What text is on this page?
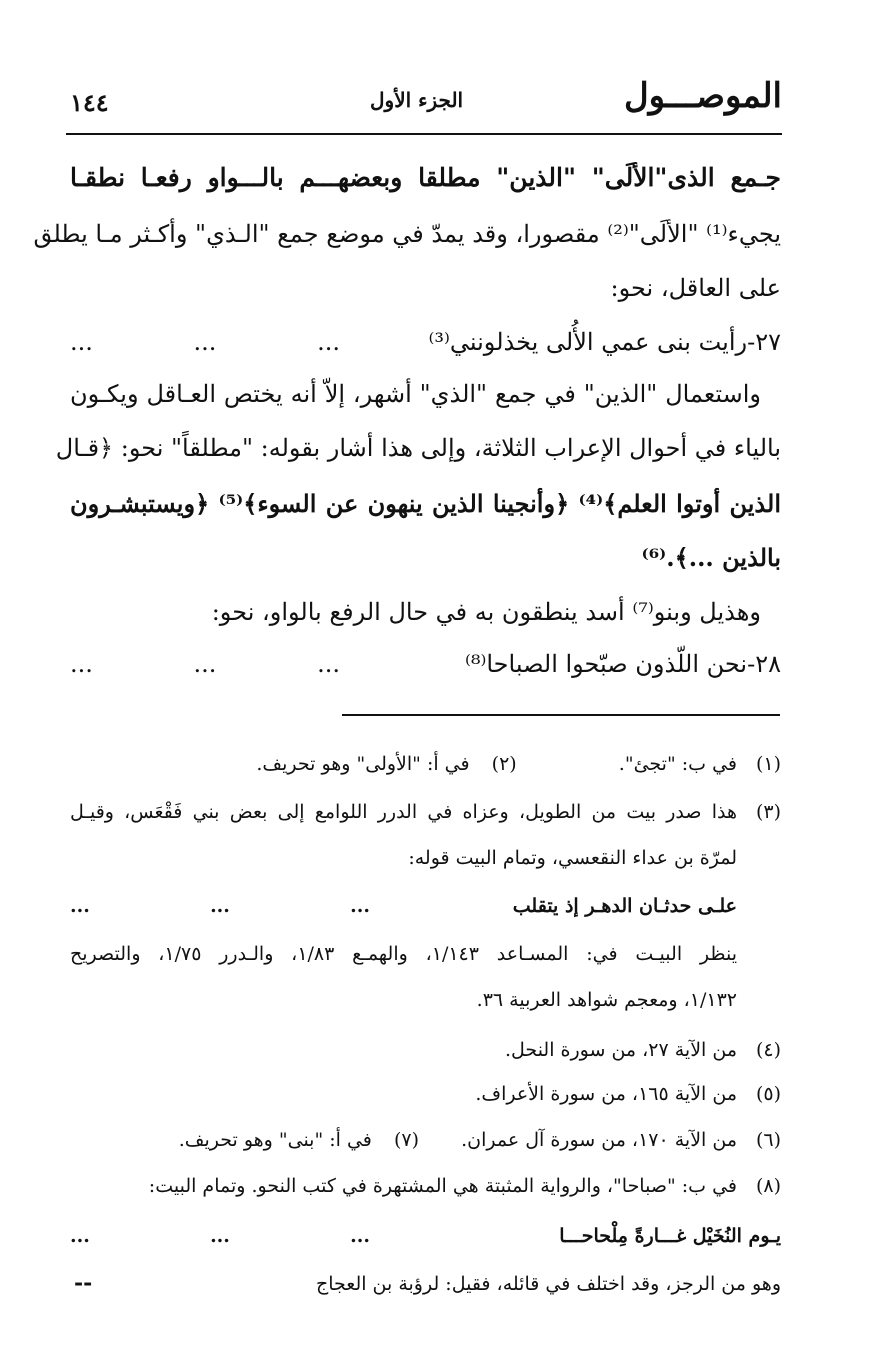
الموصـــول
الجزء الأول
١٤٤
جـمع الذى"الألَى" "الذين" مطلقا وبعضهـــم بالـــواو رفعـا نطقـا
يجيء⁽¹⁾ "الألَى"⁽²⁾ مقصورا، وقد يمدّ في موضع جمع "الـذي" وأكـثر مـا يطلق
على العاقل، نحو:
٢٧-رأيت بنى عمي الأُلى يخذلونني⁽³⁾
...	...	...
واستعمال "الذين" في جمع "الذي" أشهر، إلاّ أنه يختص العـاقل ويكـون
بالياء في أحوال الإعراب الثلاثة، وإلى هذا أشار بقوله: "مطلقاً" نحو: ﴿قـال
الذين أوتوا العلم﴾⁽⁴⁾ ﴿وأنجينا الذين ينهون عن السوء﴾⁽⁵⁾ ﴿ويستبشـرون
بالذين ...﴾.⁽⁶⁾
وهذيل وبنو⁽⁷⁾ أسد ينطقون به في حال الرفع بالواو، نحو:
٢٨-نحن اللّذون صبّحوا الصباحا⁽⁸⁾
...	...	...
(١)في ب: "تجئ".  (٢) في أ: "الأولى" وهو تحريف.
(٣)هذا صدر بيت من الطويل، وعزاه في الدرر اللوامع إلى بعض بني فَقْعَس، وقيـل
لمرّة بن عداء النقعسي، وتمام البيت قوله:
علـى حدثـان الدهـر إذ يتقلب
...	...	...
ينظر البيـت في: المسـاعد ١/١٤٣، والهمـع ١/٨٣، والـدرر ١/٧٥، والتصريح
١/١٣٢، ومعجم شواهد العربية ٣٦.
(٤)من الآية ٢٧، من سورة النحل.
(٥)من الآية ١٦٥، من سورة الأعراف.
(٦)من الآية ١٧٠، من سورة آل عمران.  (٧) في أ: "بنى" وهو تحريف.
(٨)في ب: "صباحا"، والرواية المثبتة هي المشتهرة في كتب النحو. وتمام البيت:
يـوم النُخَيْل غـــارةً مِلْحاحـــا
...	...	...
وهو من الرجز، وقد اختلف في قائله، فقيل: لرؤبة بن العجاج
--
